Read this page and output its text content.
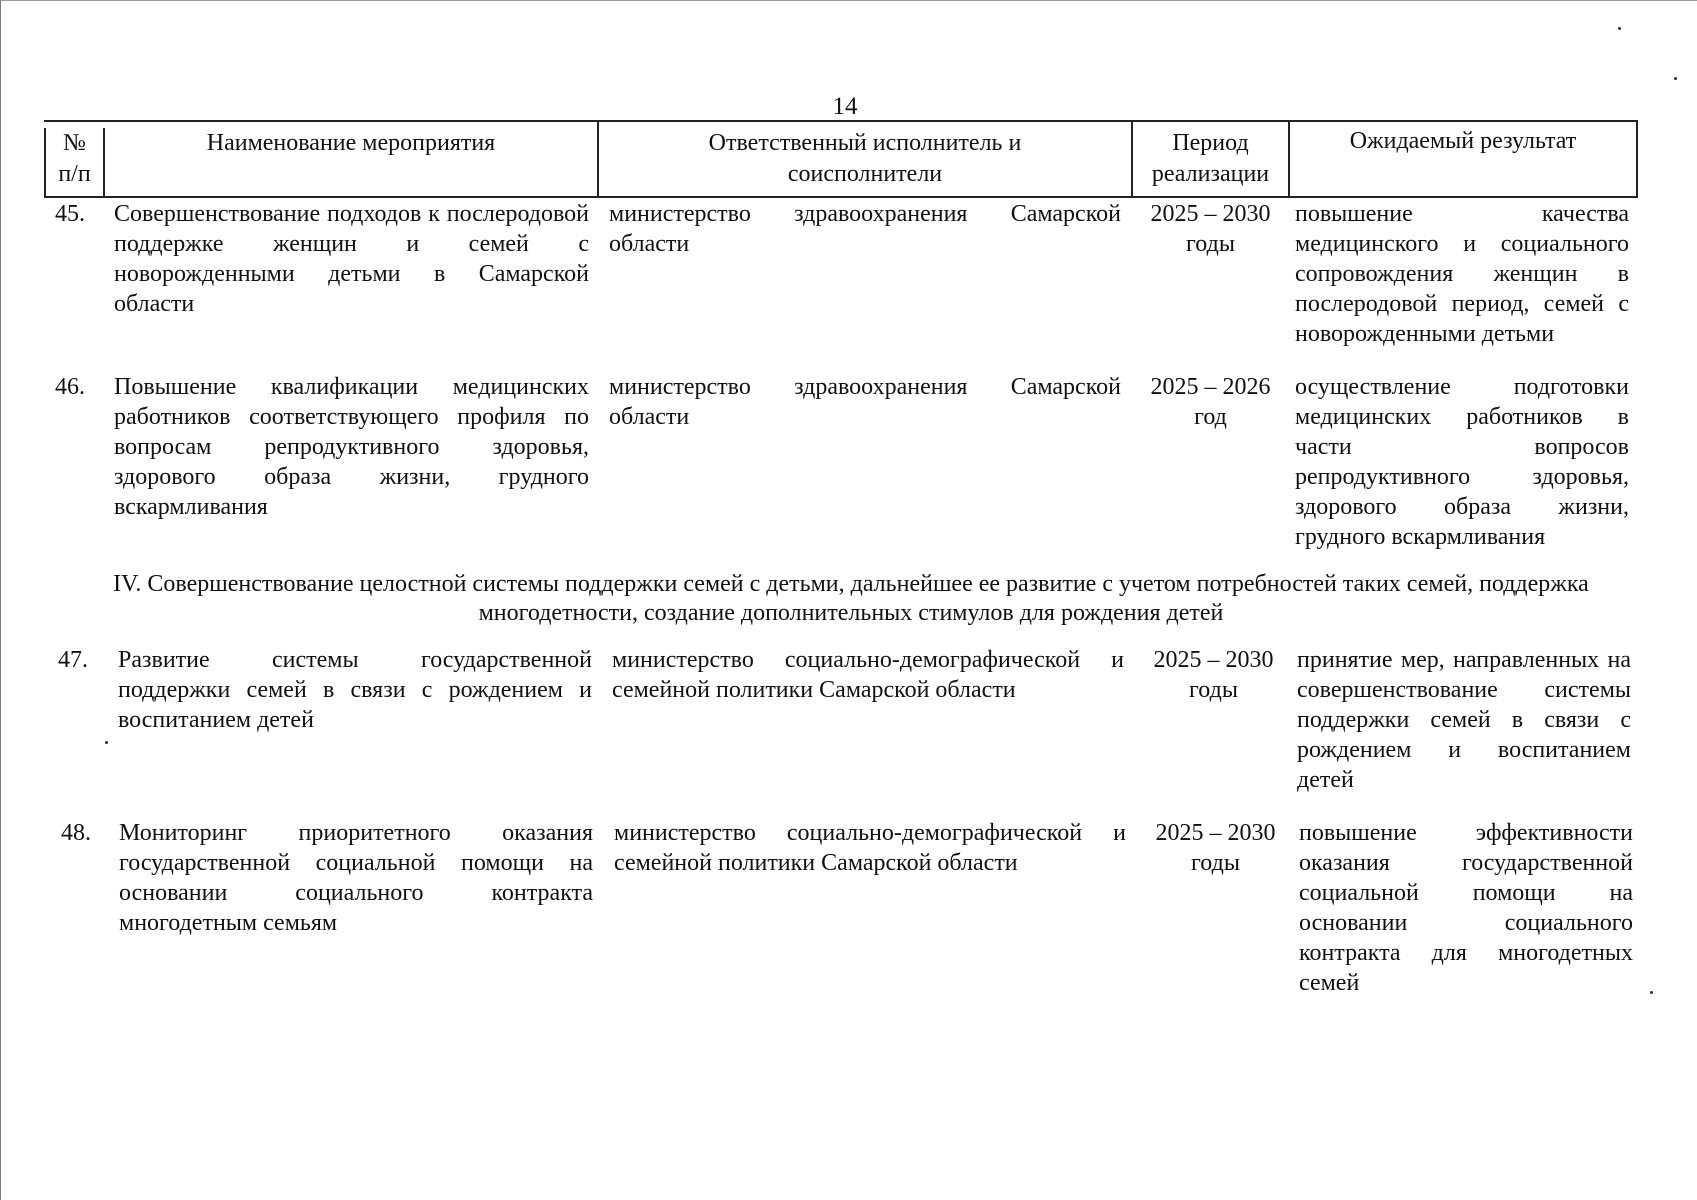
14
№ п/п
Наименование мероприятия	Ответственный исполнитель и соисполнители
Период реализации
Ожидаемый результат
45. Совершенствование подходов к послеродовой поддержке женщин и семей с новорожденными детьми в Самарской области
министерство здравоохранения Самарской области
2025 – 2030 годы
повышение качества медицинского и социального сопровождения женщин в послеродовой период, семей с новорожденными детьми
46. Повышение квалификации медицинских работников соответствующего профиля по вопросам репродуктивного здоровья, здорового образа жизни, грудного вскармливания
министерство здравоохранения Самарской области
2025 – 2026 год
осуществление подготовки медицинских работников в части вопросов репродуктивного здоровья, здорового образа жизни, грудного вскармливания
IV. Совершенствование целостной системы поддержки семей с детьми, дальнейшее ее развитие с учетом потребностей таких семей, поддержка многодетности, создание дополнительных стимулов для рождения детей
47. Развитие системы государственной поддержки семей в связи с рождением и воспитанием детей
министерство социально-демографической и семейной политики Самарской области
2025 – 2030 годы
принятие мер, направленных на совершенствование системы поддержки семей в связи с рождением и воспитанием детей
48. Мониторинг приоритетного оказания государственной социальной помощи на основании социального контракта многодетным семьям
министерство социально-демографической и семейной политики Самарской области
2025 – 2030 годы
повышение эффективности оказания государственной социальной помощи на основании социального контракта для многодетных семей
